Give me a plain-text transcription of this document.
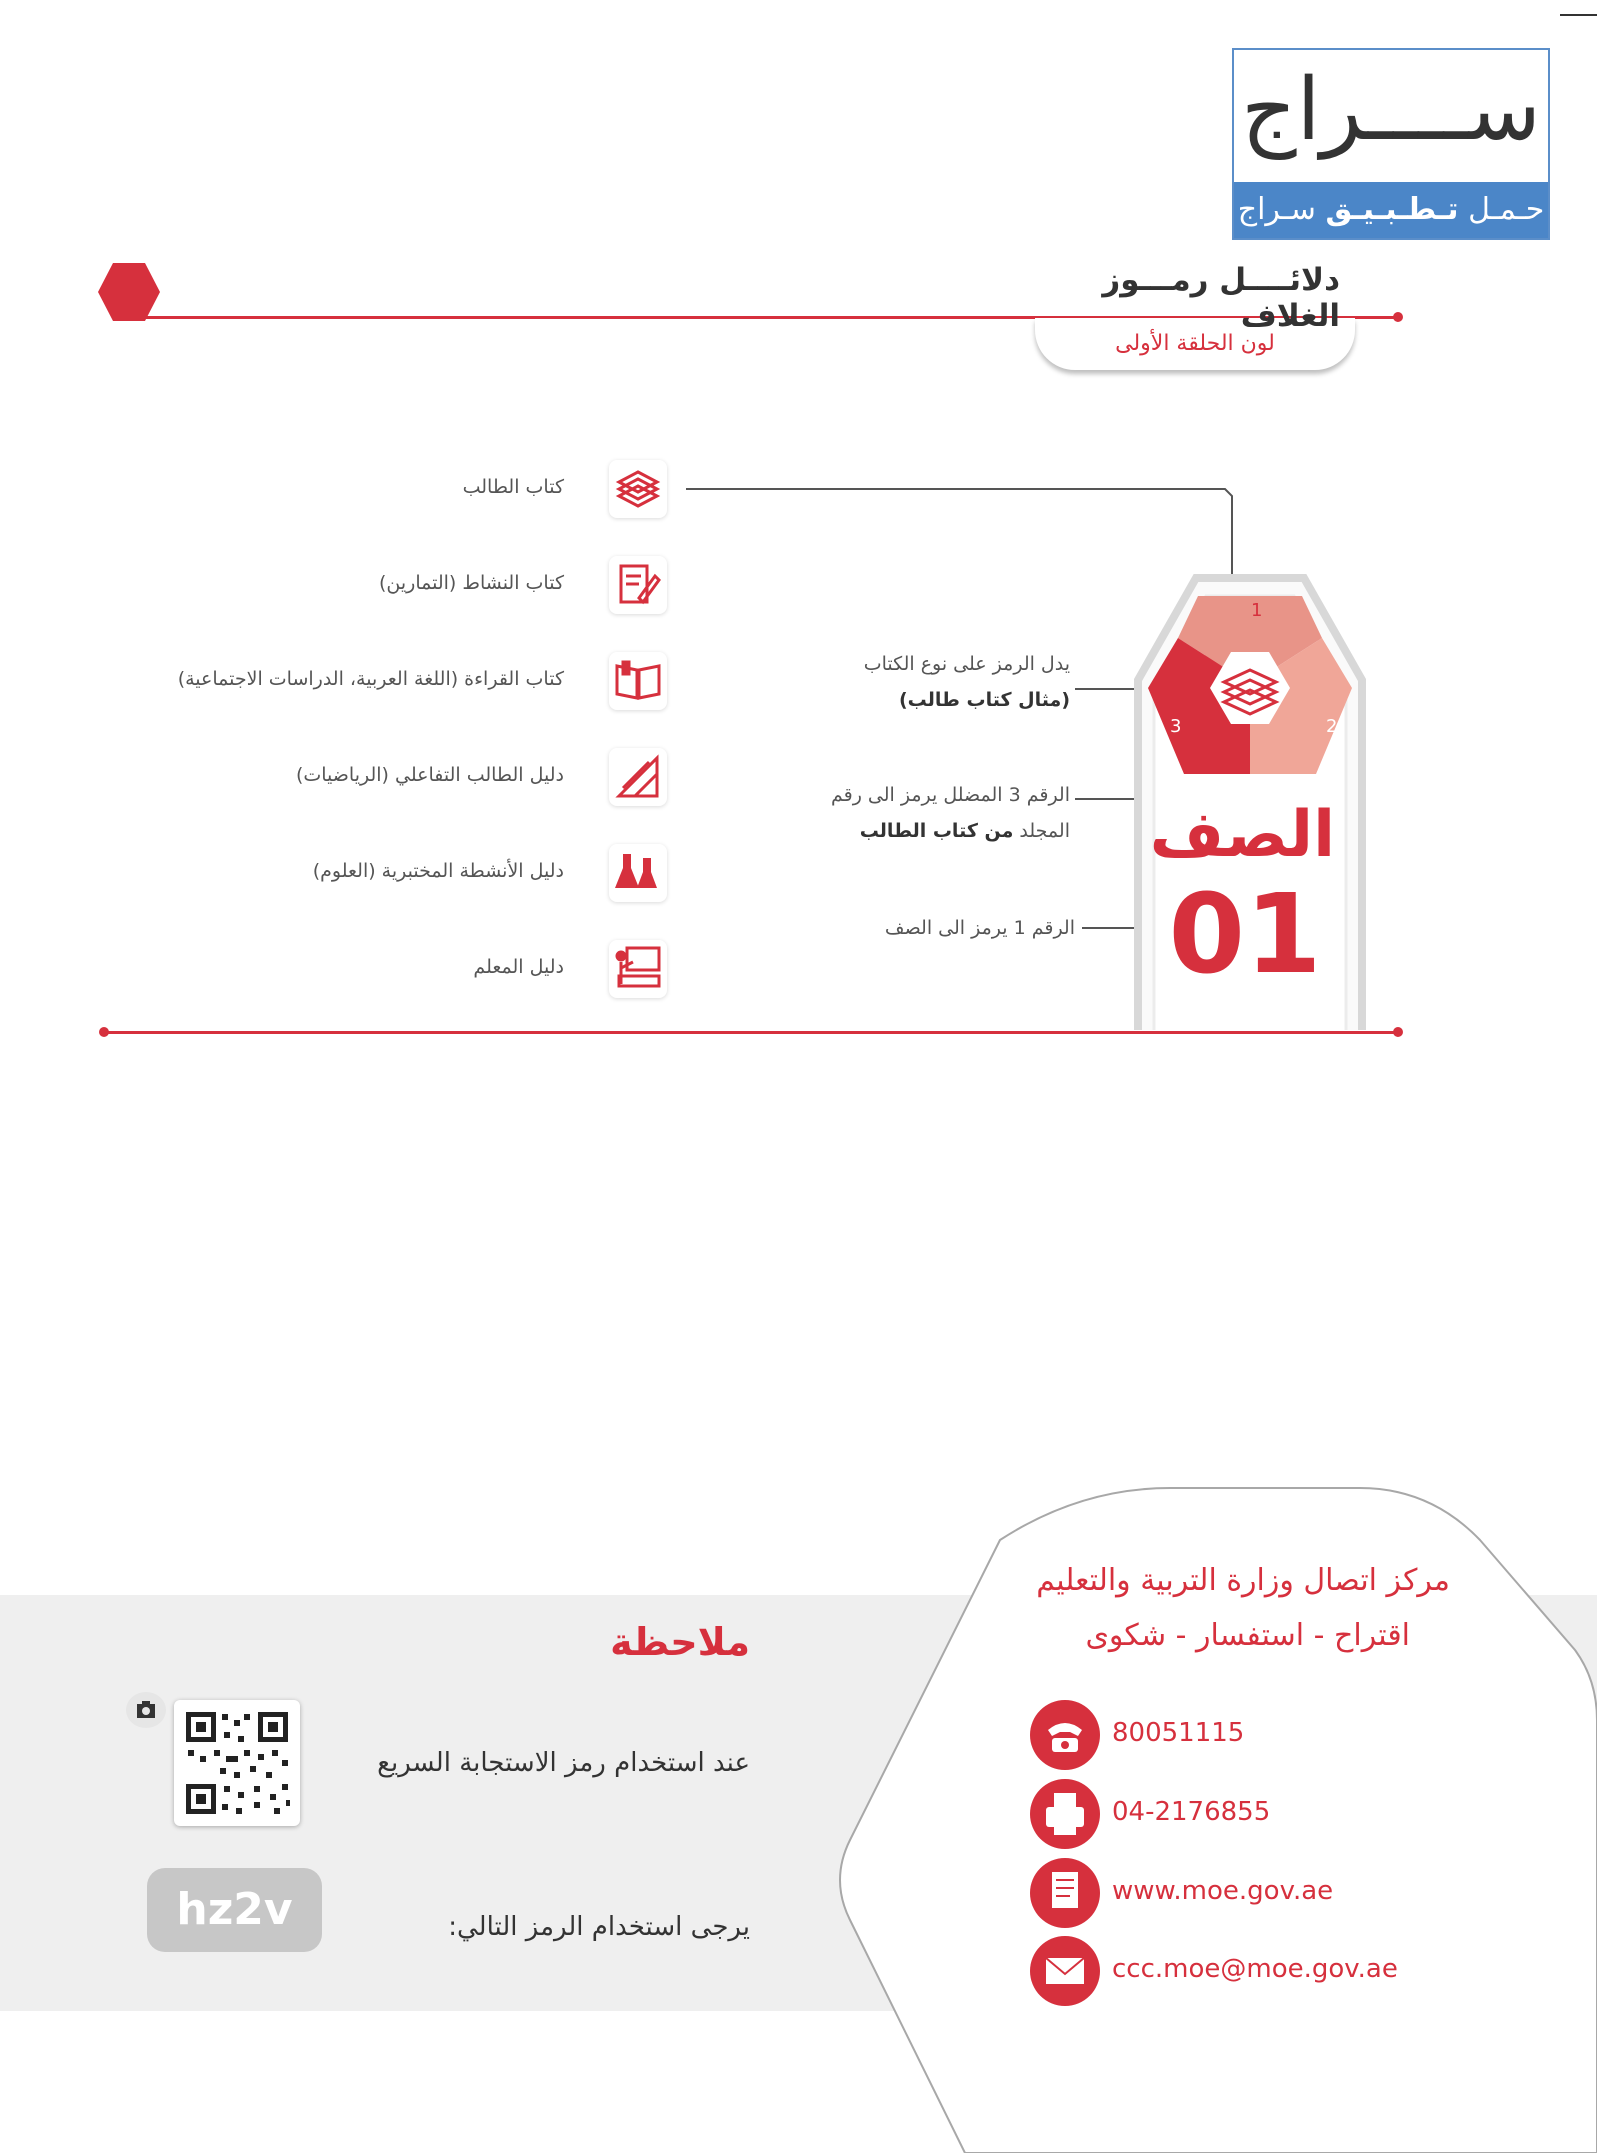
ســــراج
حـمـل تـطـبـيـق سـراج
لون الحلقة الأولى
دلائــــل رمـــوز الغلاف
كتاب الطالب
كتاب النشاط (التمارين)
كتاب القراءة (اللغة العربية، الدراسات الاجتماعية)
دليل الطالب التفاعلي (الرياضيات)
دليل الأنشطة المختبرية (العلوم)
دليل المعلم
يدل الرمز على نوع الكتاب
(مثال كتاب طالب)
الرقم 3 المضلل يرمز الى رقم
المجلد من كتاب الطالب
الرقم 1 يرمز الى الصف
1
2
3
الصف
01
ملاحظة
عند استخدام رمز الاستجابة السريع
يرجى استخدام الرمز التالي:
hz2v
مركز اتصال وزارة التربية والتعليم
اقتراح - استفسار - شكوى
80051115
04-2176855
www.moe.gov.ae
ccc.moe@moe.gov.ae
